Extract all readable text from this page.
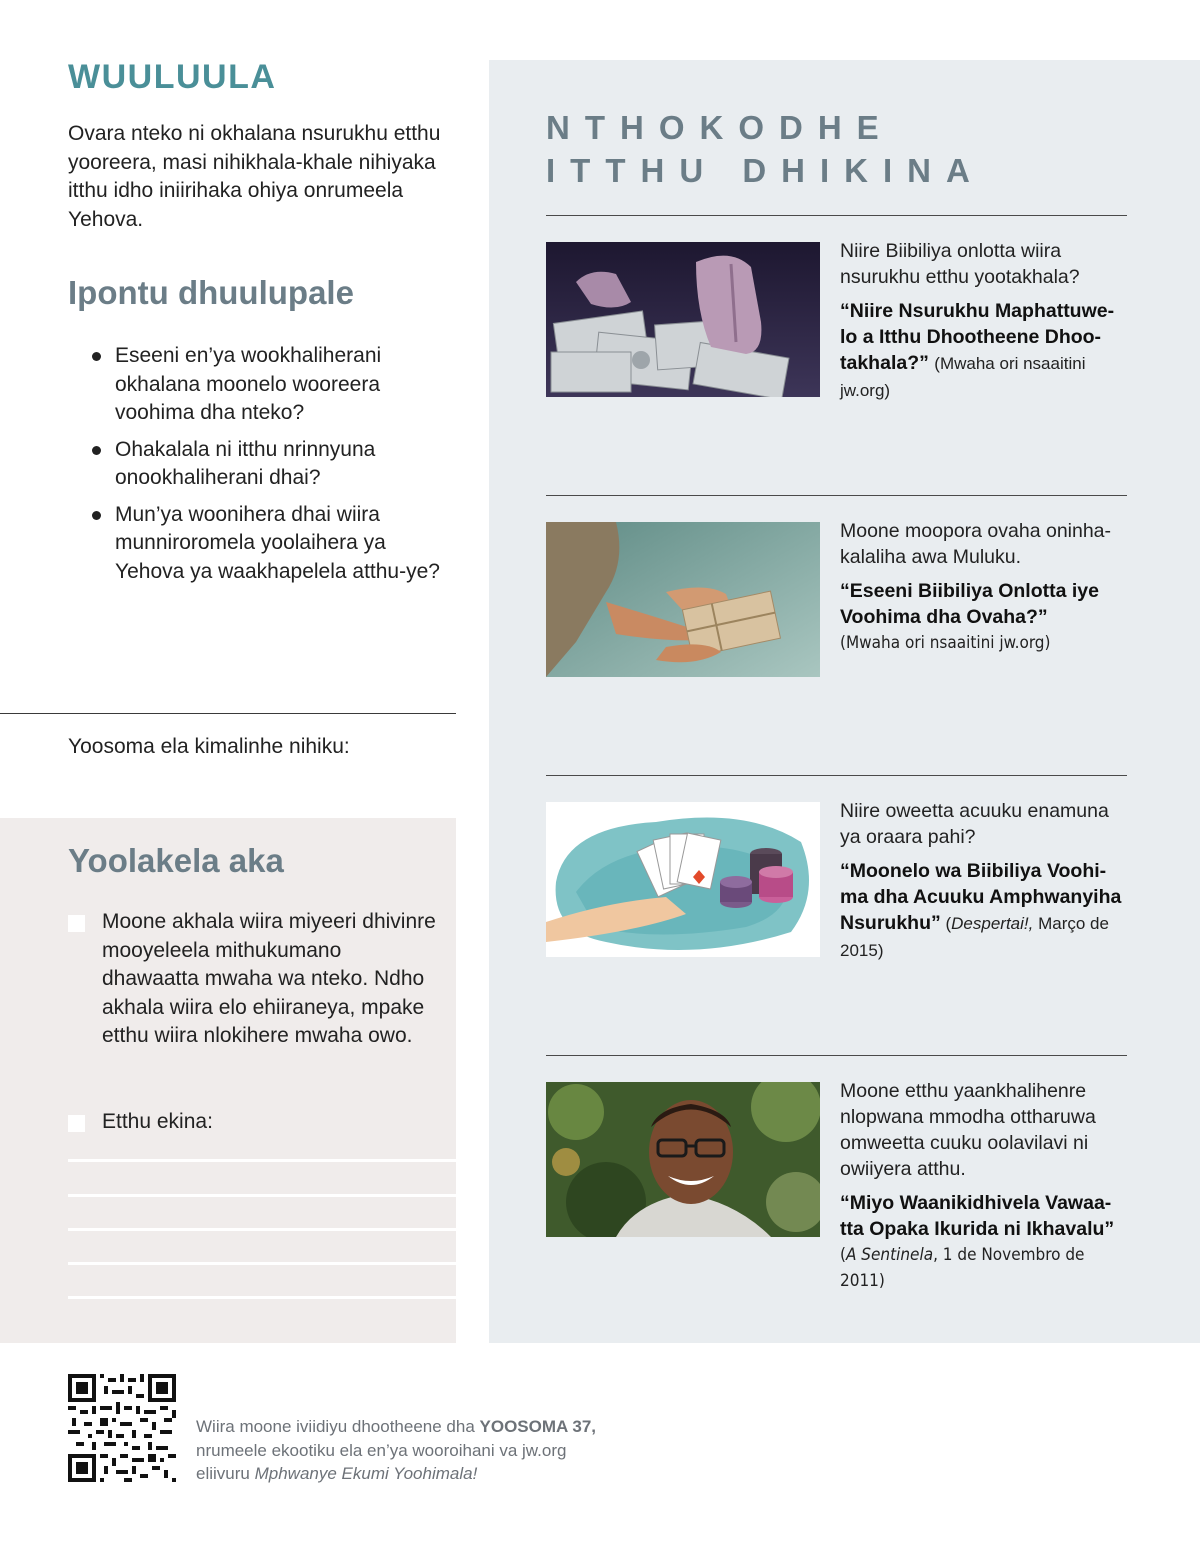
WUULUULA

Ovara nteko ni okhalana nsurukhu etthu yooreera, masi nihikhala-khale nihiyaka itthu idho iniirihaka ohiya onrumeela Yehova.

Ipontu dhuulupale
Eseeni en’ya wookhaliherani okhalana moonelo wooreera voohima dha nteko?
Ohakalala ni itthu nrinnyuna onookhaliherani dhai?
Mun’ya woonihera dhai wiira munniroromela yoolaihera ya Yehova ya waakhapelela atthu-ye?
Yoosoma ela kimalinhe nihiku:
Yoolakela aka
Moone akhala wiira miyeeri dhivinre mooyeleela mithukumano dhawaatta mwaha wa nteko. Ndho akhala wiira elo ehiiraneya, mpake etthu wiira nlokihere mwaha owo.
Etthu ekina:
NTHOKODHE
ITTHU DHIKINA
Niire Biibiliya onlotta wiira nsurukhu etthu yootakhala?
“Niire Nsurukhu Maphattuwe-lo a Itthu Dhootheene Dhoo-takhala?” (Mwaha ori nsaaitini jw.org)
Moone moopora ovaha oninha-kalaliha awa Muluku.
“Eseeni Biibiliya Onlotta iye Voohima dha Ovaha?”
(Mwaha ori nsaaitini jw.org)
Niire oweetta acuuku enamuna ya oraara pahi?
“Moonelo wa Biibiliya Voohi-ma dha Acuuku Amphwanyiha Nsurukhu” (Despertai!, Março de 2015)
Moone etthu yaankhalihenre nlopwana mmodha ottharuwa omweetta cuuku oolavilavi ni owiiyera atthu.
“Miyo Waanikidhivela Vawaa-tta Opaka Ikurida ni Ikhavalu”
(A Sentinela, 1 de Novembro de 2011)
Wiira moone iviidiyu dhootheene dha YOOSOMA 37,
nrumeele ekootiku ela en’ya wooroihani va jw.org
eliivuru Mphwanye Ekumi Yoohimala!
